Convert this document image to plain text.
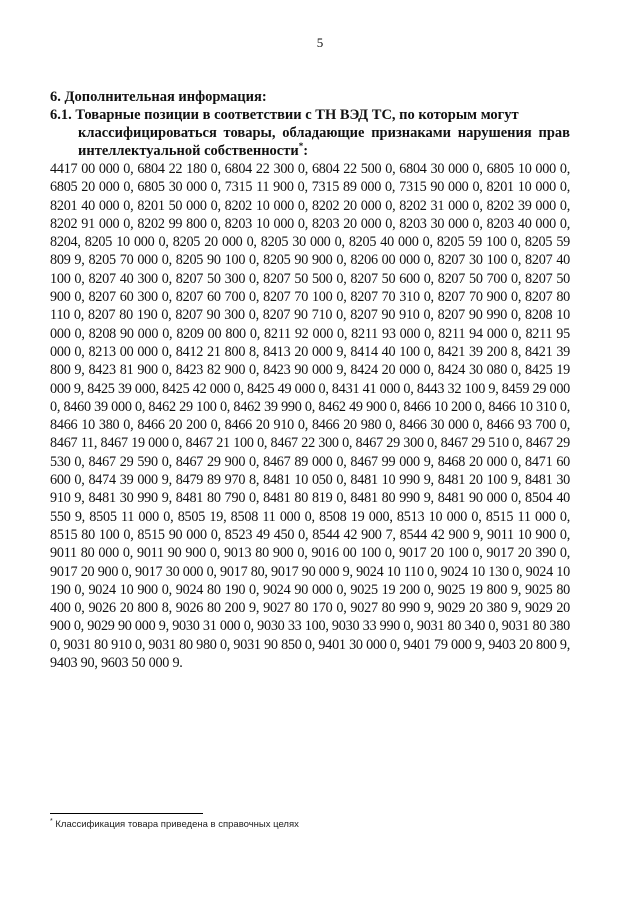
5

6. Дополнительная информация:

6.1. Товарные позиции в соответствии с ТН ВЭД ТС, по которым могут
классифицироваться товары, обладающие признаками нарушения прав интеллектуальной собственности*:

4417 00 000 0, 6804 22 180 0, 6804 22 300 0, 6804 22 500 0, 6804 30 000 0, 6805 10 000 0, 6805 20 000 0, 6805 30 000 0, 7315 11 900 0, 7315 89 000 0, 7315 90 000 0, 8201 10 000 0, 8201 40 000 0, 8201 50 000 0, 8202 10 000 0, 8202 20 000 0, 8202 31 000 0, 8202 39 000 0, 8202 91 000 0, 8202 99 800 0, 8203 10 000 0, 8203 20 000 0, 8203 30 000 0, 8203 40 000 0, 8204, 8205 10 000 0, 8205 20 000 0, 8205 30 000 0, 8205 40 000 0, 8205 59 100 0, 8205 59 809 9, 8205 70 000 0, 8205 90 100 0, 8205 90 900 0, 8206 00 000 0, 8207 30 100 0, 8207 40 100 0, 8207 40 300 0, 8207 50 300 0, 8207 50 500 0, 8207 50 600 0, 8207 50 700 0, 8207 50 900 0, 8207 60 300 0, 8207 60 700 0, 8207 70 100 0, 8207 70 310 0, 8207 70 900 0, 8207 80 110 0, 8207 80 190 0, 8207 90 300 0, 8207 90 710 0, 8207 90 910 0, 8207 90 990 0, 8208 10 000 0, 8208 90 000 0, 8209 00 800 0, 8211 92 000 0, 8211 93 000 0, 8211 94 000 0, 8211 95 000 0, 8213 00 000 0, 8412 21 800 8, 8413 20 000 9, 8414 40 100 0, 8421 39 200 8, 8421 39 800 9, 8423 81 900 0, 8423 82 900 0, 8423 90 000 9, 8424 20 000 0, 8424 30 080 0, 8425 19 000 9, 8425 39 000, 8425 42 000 0, 8425 49 000 0, 8431 41 000 0, 8443 32 100 9, 8459 29 000 0, 8460 39 000 0, 8462 29 100 0, 8462 39 990 0, 8462 49 900 0, 8466 10 200 0, 8466 10 310 0, 8466 10 380 0, 8466 20 200 0, 8466 20 910 0, 8466 20 980 0, 8466 30 000 0, 8466 93 700 0, 8467 11, 8467 19 000 0, 8467 21 100 0, 8467 22 300 0, 8467 29 300 0, 8467 29 510 0, 8467 29 530 0, 8467 29 590 0, 8467 29 900 0, 8467 89 000 0, 8467 99 000 9, 8468 20 000 0, 8471 60 600 0, 8474 39 000 9, 8479 89 970 8, 8481 10 050 0, 8481 10 990 9, 8481 20 100 9, 8481 30 910 9, 8481 30 990 9, 8481 80 790 0, 8481 80 819 0, 8481 80 990 9, 8481 90 000 0, 8504 40 550 9, 8505 11 000 0, 8505 19, 8508 11 000 0, 8508 19 000, 8513 10 000 0, 8515 11 000 0, 8515 80 100 0, 8515 90 000 0, 8523 49 450 0, 8544 42 900 7, 8544 42 900 9, 9011 10 900 0, 9011 80 000 0, 9011 90 900 0, 9013 80 900 0, 9016 00 100 0, 9017 20 100 0, 9017 20 390 0, 9017 20 900 0, 9017 30 000 0, 9017 80, 9017 90 000 9, 9024 10 110 0, 9024 10 130 0, 9024 10 190 0, 9024 10 900 0, 9024 80 190 0, 9024 90 000 0, 9025 19 200 0, 9025 19 800 9, 9025 80 400 0, 9026 20 800 8, 9026 80 200 9, 9027 80 170 0, 9027 80 990 9, 9029 20 380 9, 9029 20 900 0, 9029 90 000 9, 9030 31 000 0, 9030 33 100, 9030 33 990 0, 9031 80 340 0, 9031 80 380 0, 9031 80 910 0, 9031 80 980 0, 9031 90 850 0, 9401 30 000 0, 9401 79 000 9, 9403 20 800 9, 9403 90, 9603 50 000 9.

* Классификация товара приведена в справочных целях
